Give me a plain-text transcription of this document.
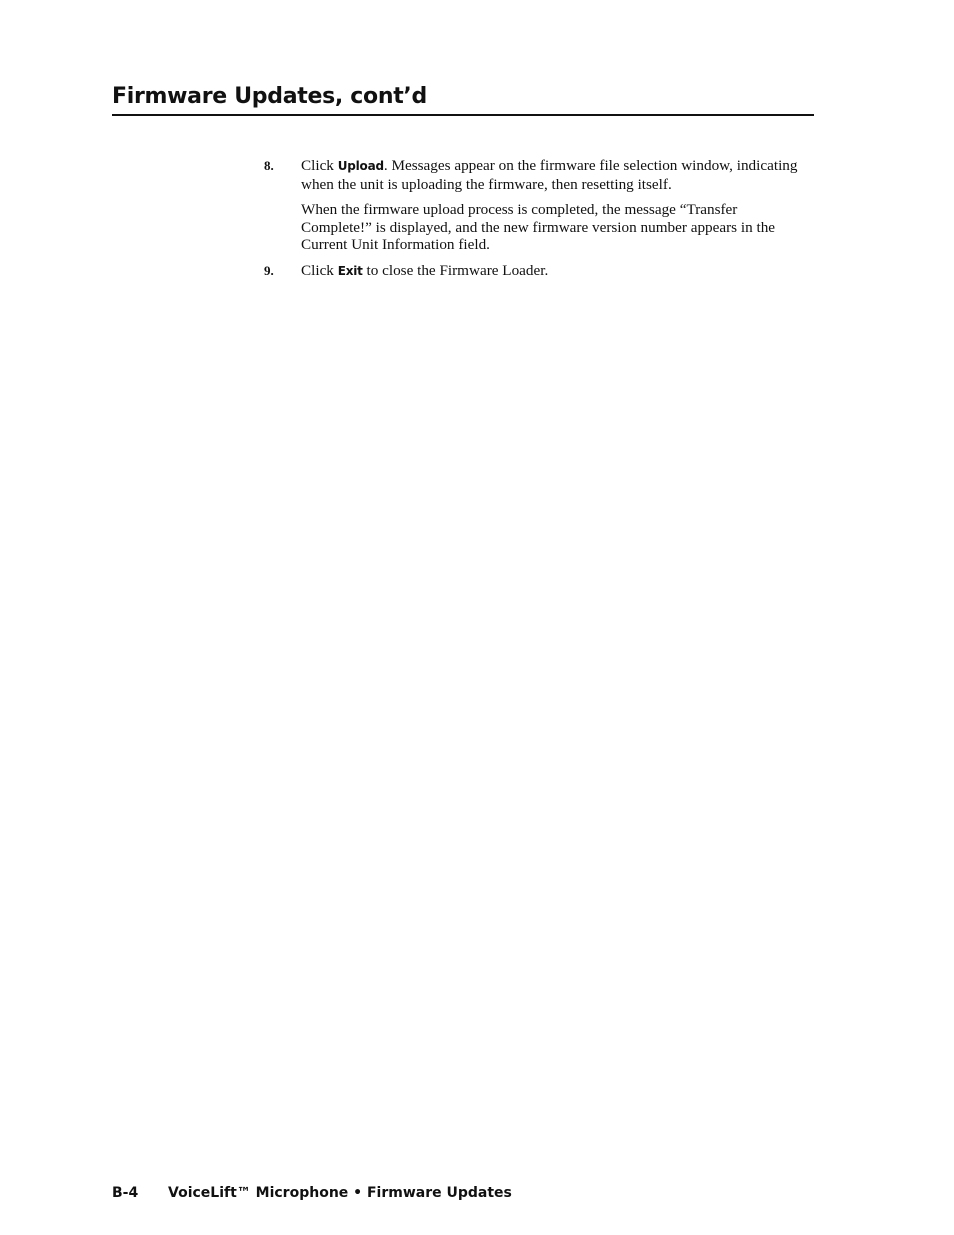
Firmware Updates, cont’d
8. Click Upload. Messages appear on the firmware file selection window, indicating when the unit is uploading the firmware, then resetting itself.

When the firmware upload process is completed, the message “Transfer Complete!” is displayed, and the new firmware version number appears in the Current Unit Information field.

9. Click Exit to close the Firmware Loader.

B-4 VoiceLift™ Microphone • Firmware Updates
